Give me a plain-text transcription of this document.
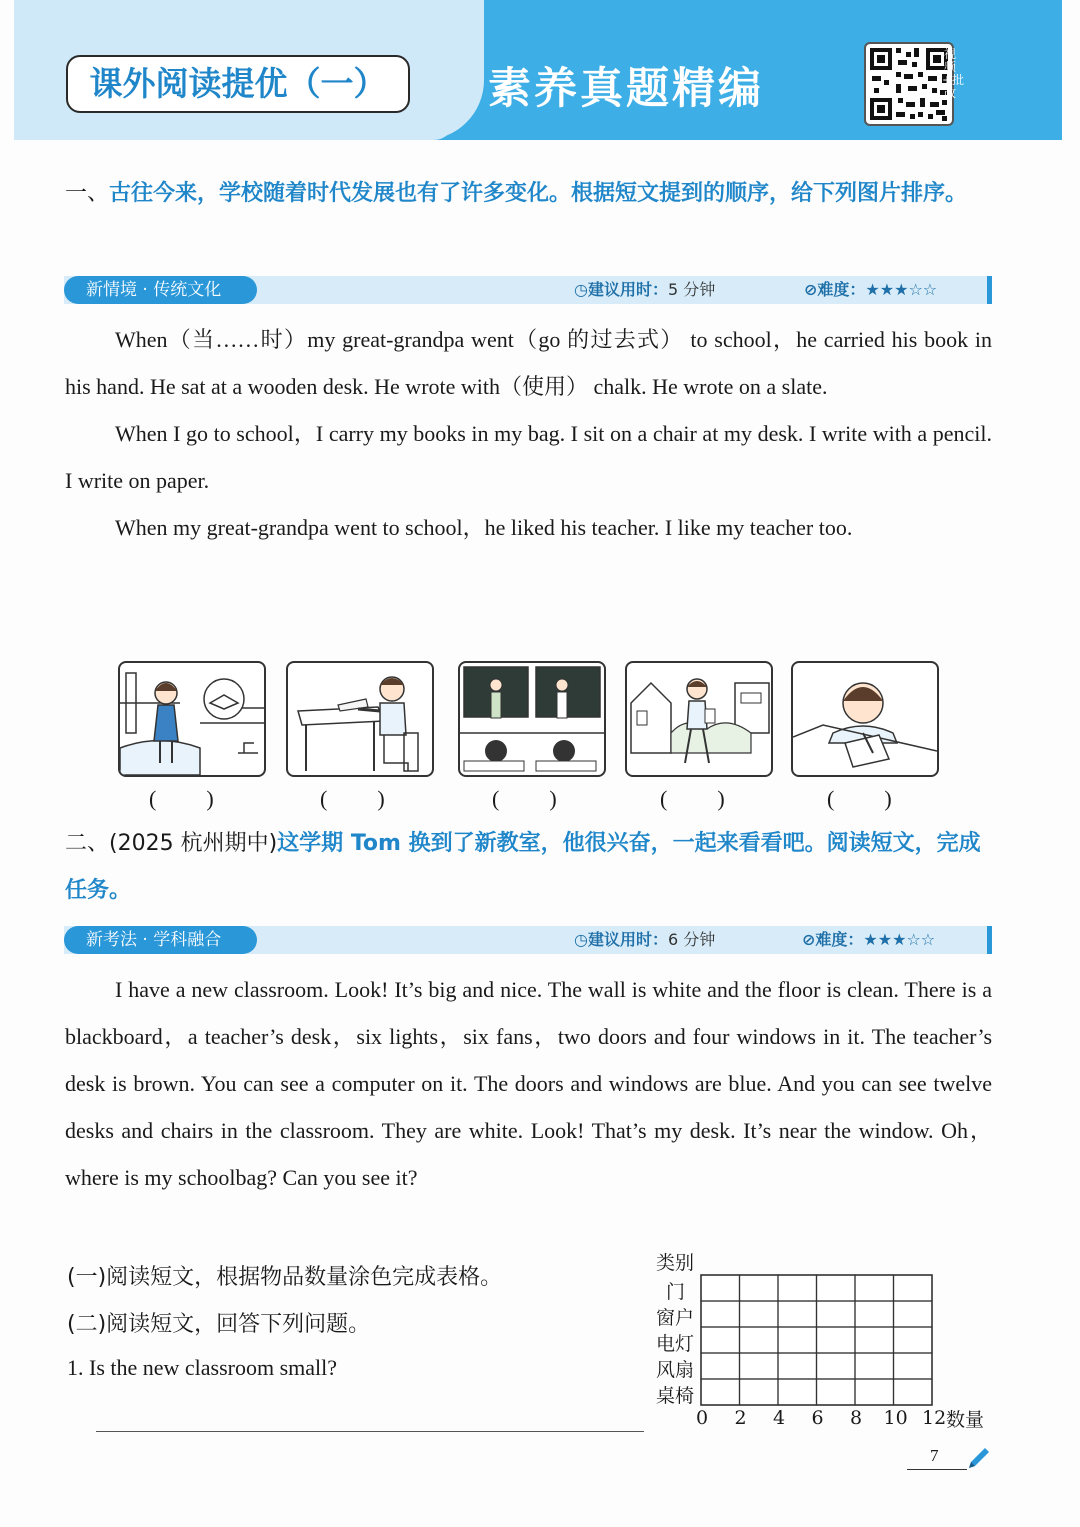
课外阅读提优（一）	素养真题精编
视频+批改
一、古往今来，学校随着时代发展也有了许多变化。根据短文提到的顺序，给下列图片排序。
新情境 · 传统文化	◷建议用时：5 分钟	⊘难度：★★★☆☆

When（当……时）my great-grandpa went（go 的过去式） to school，he carried his book in his hand. He sat at a wooden desk. He wrote with（使用） chalk. He wrote on a slate.

When I go to school，I carry my books in my bag. I sit on a chair at my desk. I write with a pencil. I write on paper.

When my great-grandpa went to school，he liked his teacher. I like my teacher too.

(　　)	(　　)	(　　)	(　　)	(　　)
二、(2025 杭州期中)这学期 Tom 换到了新教室，他很兴奋，一起来看看吧。阅读短文，完成任务。
新考法 · 学科融合	◷建议用时：6 分钟	⊘难度：★★★☆☆

I have a new classroom. Look! It’s big and nice. The wall is white and the floor is clean. There is a blackboard，a teacher’s desk，six lights，six fans，two doors and four windows in it. The teacher’s desk is brown. You can see a computer on it. The doors and windows are blue. And you can see twelve desks and chairs in the classroom. They are white. Look! That’s my desk. It’s near the window. Oh，where is my schoolbag? Can you see it?

(一)阅读短文，根据物品数量涂色完成表格。
(二)阅读短文，回答下列问题。
1. Is the new classroom small?
类别
门
窗户
电灯
风扇
桌椅
0 2 4 6 8 10 12 数量
7
